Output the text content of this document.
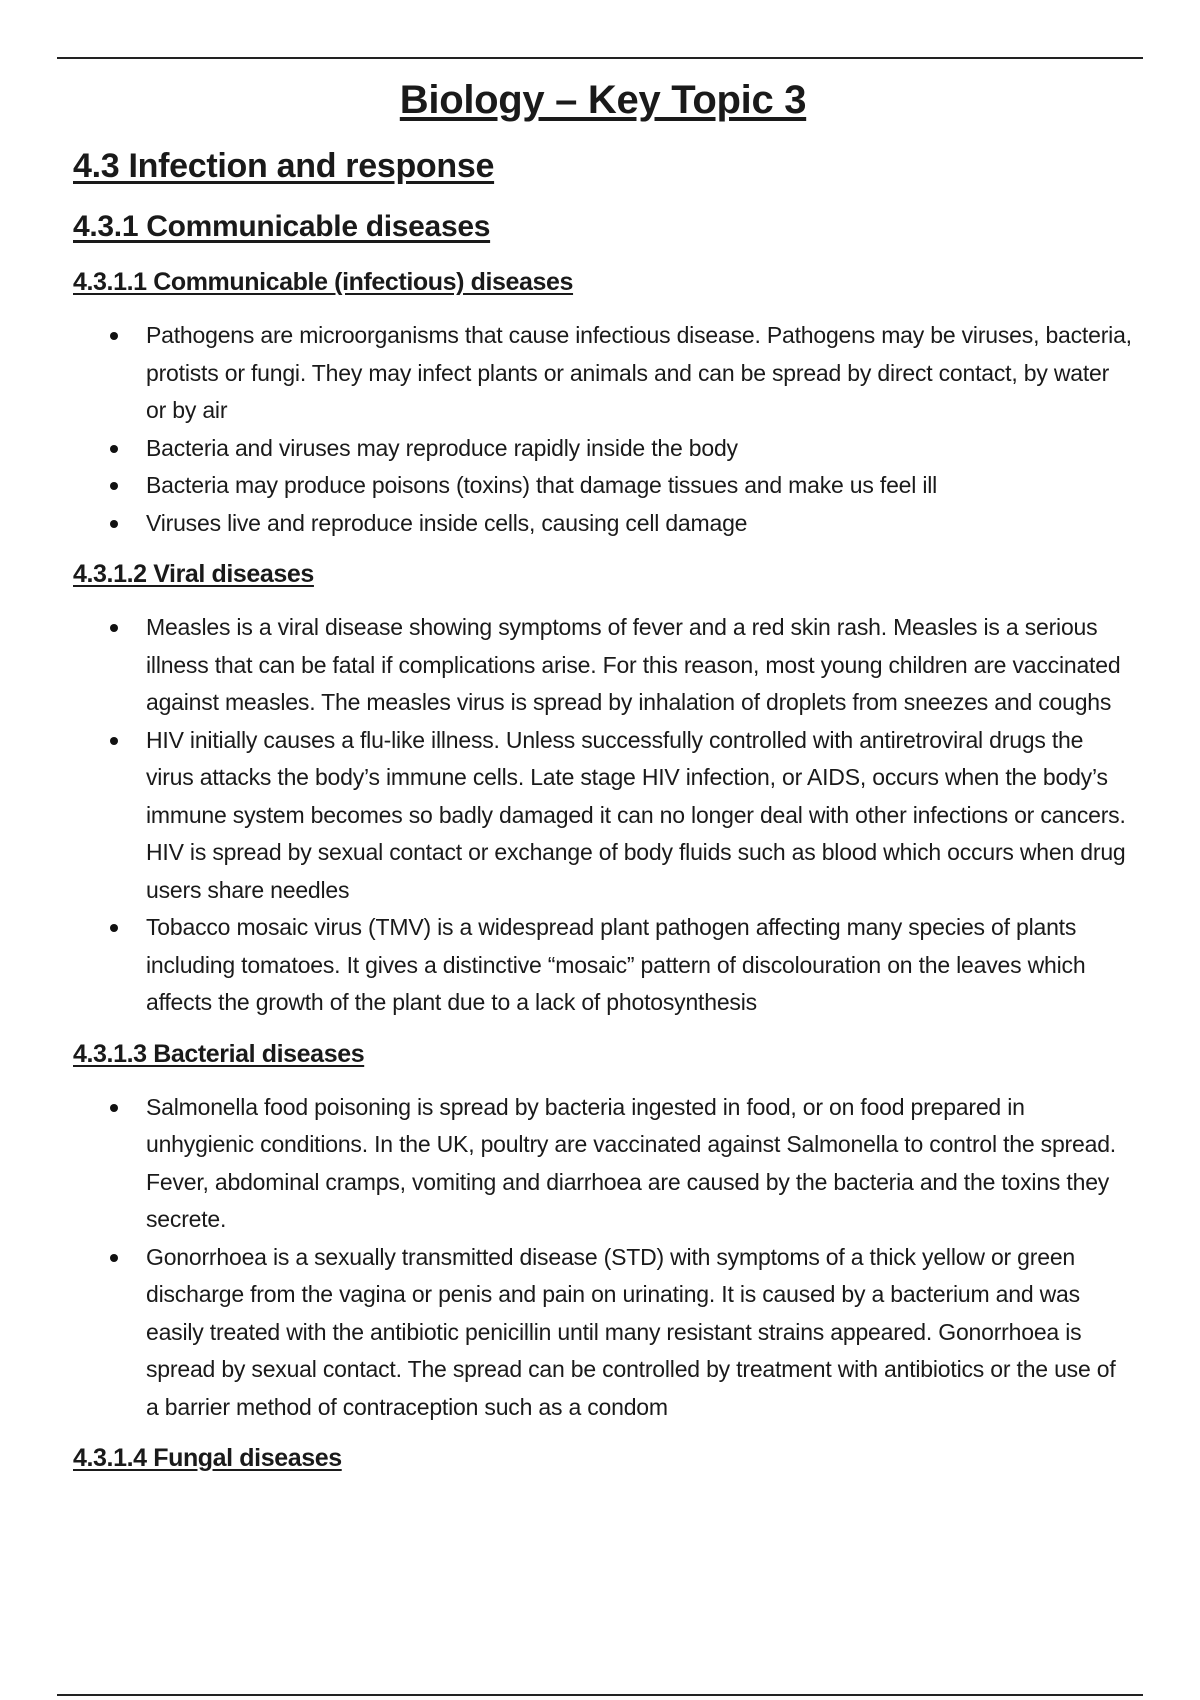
Biology – Key Topic 3
4.3 Infection and response
4.3.1 Communicable diseases
4.3.1.1 Communicable (infectious) diseases
Pathogens are microorganisms that cause infectious disease. Pathogens may be viruses, bacteria, protists or fungi. They may infect plants or animals and can be spread by direct contact, by water or by air
Bacteria and viruses may reproduce rapidly inside the body
Bacteria may produce poisons (toxins) that damage tissues and make us feel ill
Viruses live and reproduce inside cells, causing cell damage
4.3.1.2 Viral diseases
Measles is a viral disease showing symptoms of fever and a red skin rash. Measles is a serious illness that can be fatal if complications arise. For this reason, most young children are vaccinated against measles. The measles virus is spread by inhalation of droplets from sneezes and coughs
HIV initially causes a flu-like illness. Unless successfully controlled with antiretroviral drugs the virus attacks the body’s immune cells. Late stage HIV infection, or AIDS, occurs when the body’s immune system becomes so badly damaged it can no longer deal with other infections or cancers. HIV is spread by sexual contact or exchange of body fluids such as blood which occurs when drug users share needles
Tobacco mosaic virus (TMV) is a widespread plant pathogen affecting many species of plants including tomatoes. It gives a distinctive “mosaic” pattern of discolouration on the leaves which affects the growth of the plant due to a lack of photosynthesis
4.3.1.3 Bacterial diseases
Salmonella food poisoning is spread by bacteria ingested in food, or on food prepared in unhygienic conditions. In the UK, poultry are vaccinated against Salmonella to control the spread. Fever, abdominal cramps, vomiting and diarrhoea are caused by the bacteria and the toxins they secrete.
Gonorrhoea is a sexually transmitted disease (STD) with symptoms of a thick yellow or green discharge from the vagina or penis and pain on urinating. It is caused by a bacterium and was easily treated with the antibiotic penicillin until many resistant strains appeared. Gonorrhoea is spread by sexual contact. The spread can be controlled by treatment with antibiotics or the use of a barrier method of contraception such as a condom
4.3.1.4 Fungal diseases
